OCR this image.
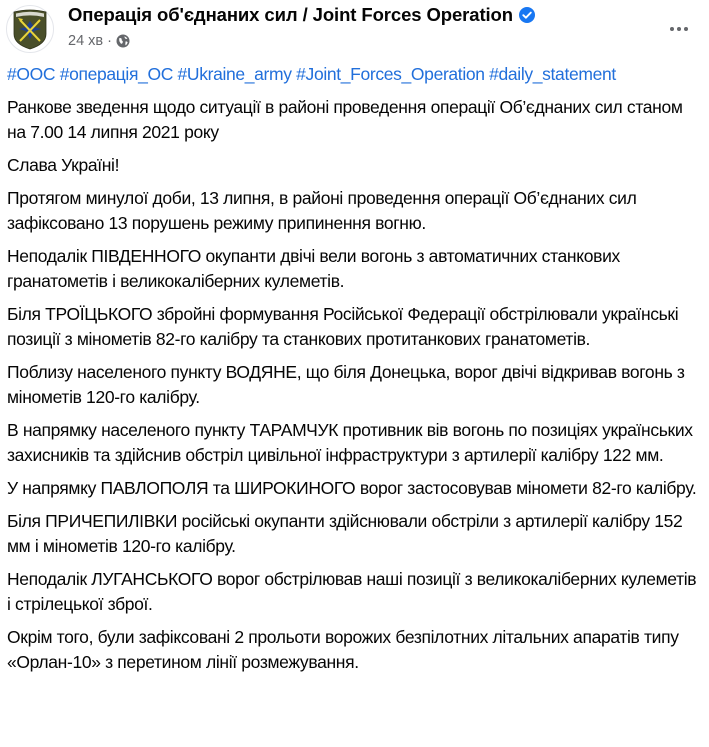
Операція об'єднаних сил / Joint Forces Operation
24 хв ·
#ООС #операція_ОС #Ukraine_army #Joint_Forces_Operation #daily_statement

Ранкове зведення щодо ситуації в районі проведення операції Об’єднаних сил станом на 7.00 14 липня 2021 року

Слава Україні!

Протягом минулої доби, 13 липня, в районі проведення операції Об’єднаних сил зафіксовано 13 порушень режиму припинення вогню.

Неподалік ПІВДЕННОГО окупанти двічі вели вогонь з автоматичних станкових гранатометів і великокаліберних кулеметів.

Біля ТРОЇЦЬКОГО збройні формування Російської Федерації обстрілювали українські позиції з мінометів 82-го калібру та станкових протитанкових гранатометів.

Поблизу населеного пункту ВОДЯНЕ, що біля Донецька, ворог двічі відкривав вогонь з мінометів 120-го калібру.

В напрямку населеного пункту ТАРАМЧУК противник вів вогонь по позиціях українських захисників та здійснив обстріл цивільної інфраструктури з артилерії калібру 122 мм.

У напрямку ПАВЛОПОЛЯ та ШИРОКИНОГО ворог застосовував міномети 82-го калібру.

Біля ПРИЧЕПИЛІВКИ російські окупанти здійснювали обстріли з артилерії калібру 152 мм і мінометів 120-го калібру.

Неподалік ЛУГАНСЬКОГО ворог обстрілював наші позиції з великокаліберних кулеметів і стрілецької зброї.

Окрім того, були зафіксовані 2 прольоти ворожих безпілотних літальних апаратів типу «Орлан-10» з перетином лінії розмежування.
